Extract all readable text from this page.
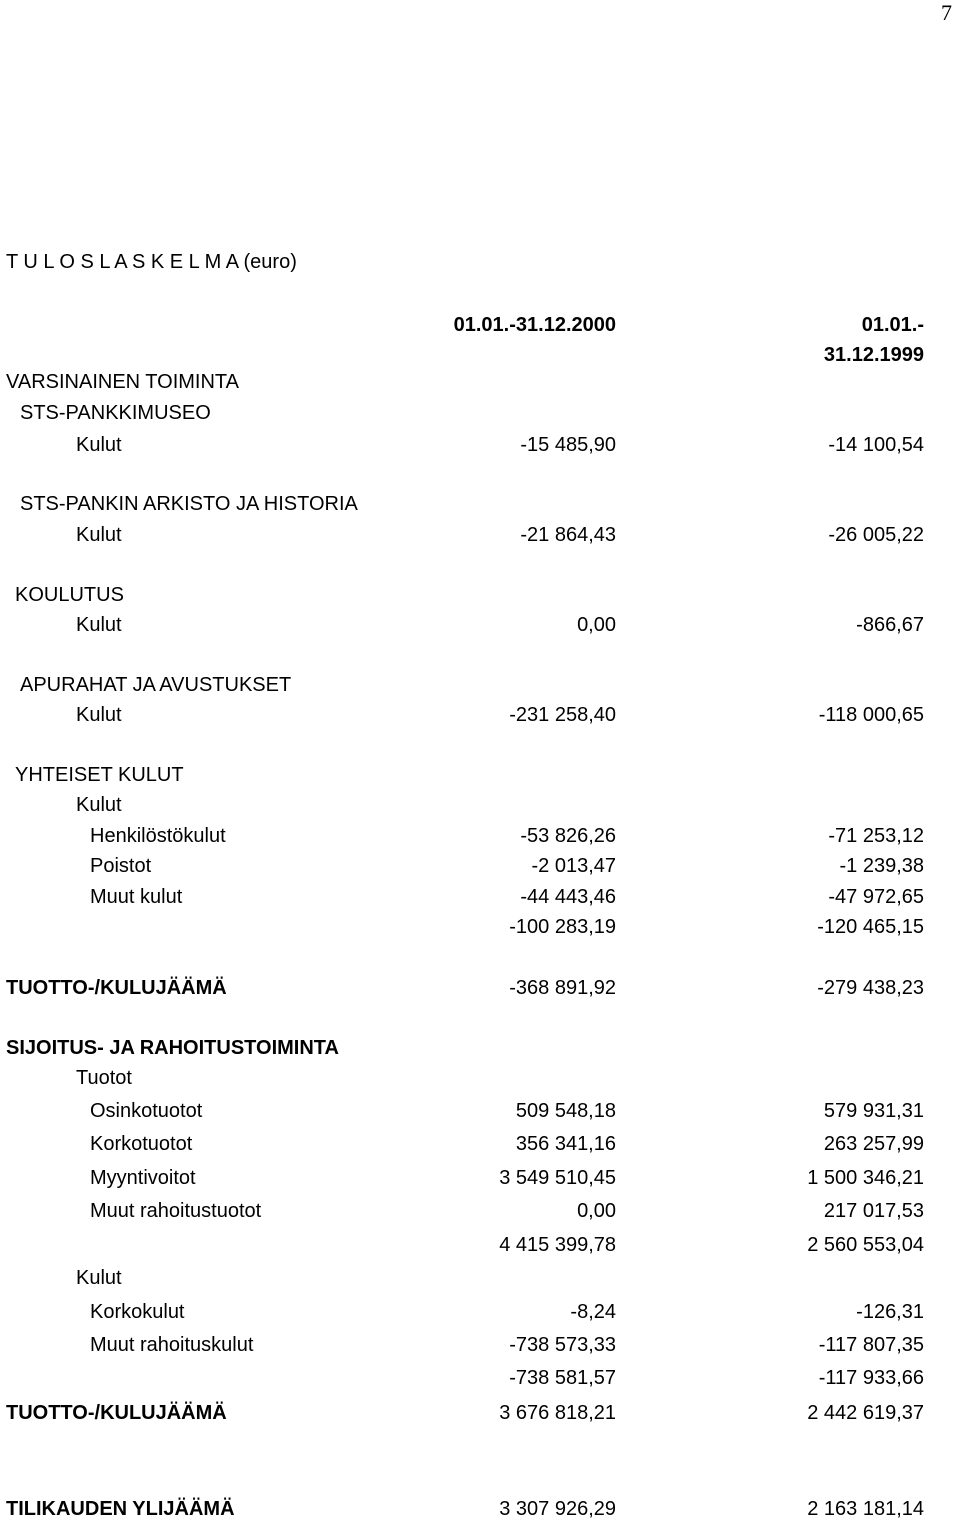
7
T U L O S L A S K E L M A (euro)
01.01.-31.12.2000	01.01.-
31.12.1999
VARSINAINEN TOIMINTA
STS-PANKKIMUSEO
Kulut	-15 485,90	-14 100,54
STS-PANKIN ARKISTO JA HISTORIA
Kulut	-21 864,43	-26 005,22
KOULUTUS
Kulut	0,00	-866,67
APURAHAT JA AVUSTUKSET
Kulut	-231 258,40	-118 000,65
YHTEISET KULUT
Kulut
Henkilöstökulut	-53 826,26	-71 253,12
Poistot	-2 013,47	-1 239,38
Muut kulut	-44 443,46	-47 972,65
-100 283,19	-120 465,15
TUOTTO-/KULUJÄÄMÄ	-368 891,92	-279 438,23
SIJOITUS- JA RAHOITUSTOIMINTA
Tuotot
Osinkotuotot	509 548,18	579 931,31
Korkotuotot	356 341,16	263 257,99
Myyntivoitot	3 549 510,45	1 500 346,21
Muut rahoitustuotot	0,00	217 017,53
4 415 399,78	2 560 553,04
Kulut
Korkokulut	-8,24	-126,31
Muut rahoituskulut	-738 573,33	-117 807,35
-738 581,57	-117 933,66
TUOTTO-/KULUJÄÄMÄ	3 676 818,21	2 442 619,37
TILIKAUDEN YLIJÄÄMÄ	3 307 926,29	2 163 181,14
